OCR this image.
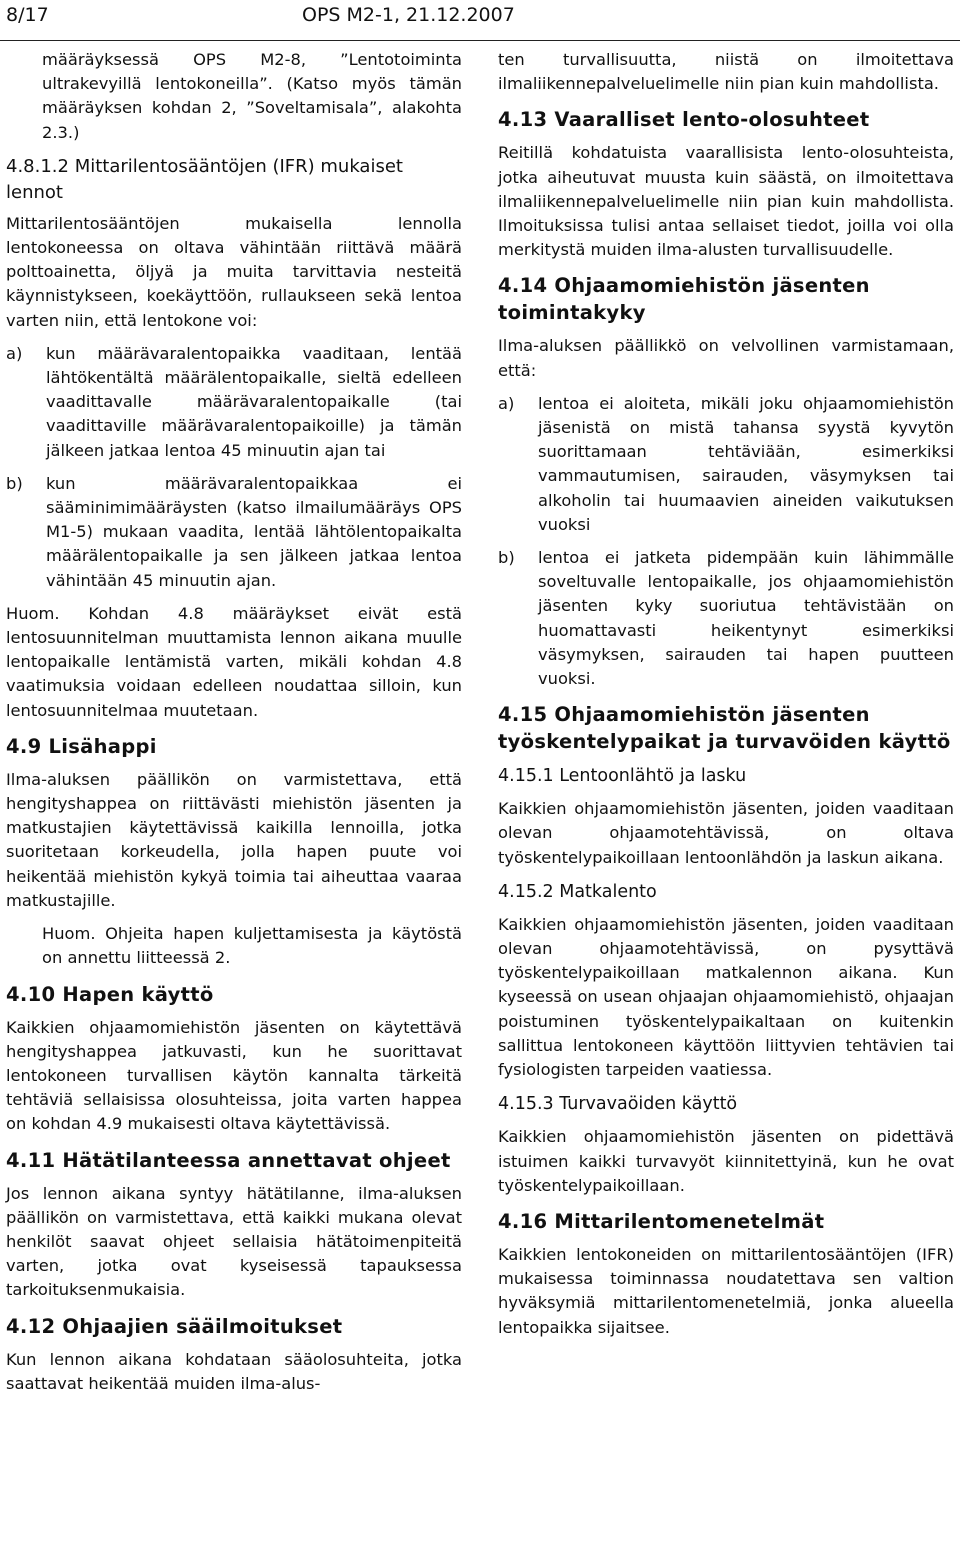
8/17	OPS M2-1, 21.12.2007

määräyksessä OPS M2-8, ”Lentotoiminta ultrakevyillä lentokoneilla”. (Katso myös tämän määräyksen kohdan 2, ”Soveltamisala”, alakohta 2.3.)

4.8.1.2 Mittarilentosääntöjen (IFR) mukaiset lennot

Mittarilentosääntöjen mukaisella lennolla lentokoneessa on oltava vähintään riittävä määrä polttoainetta, öljyä ja muita tarvittavia nesteitä käynnistykseen, koekäyttöön, rullaukseen sekä lentoa varten niin, että lentokone voi:

a)	kun määrävaralentopaikka vaaditaan, lentää lähtökentältä määrälentopaikalle, sieltä edelleen vaadittavalle määrävaralentopaikalle (tai vaadittaville määrävaralentopaikoille) ja tämän jälkeen jatkaa lentoa 45 minuutin ajan tai
b)	kun määrävaralentopaikkaa ei sääminimimääräysten (katso ilmailumääräys OPS M1-5) mukaan vaadita, lentää lähtölentopaikalta määrälentopaikalle ja sen jälkeen jatkaa lentoa vähintään 45 minuutin ajan.

Huom. Kohdan 4.8 määräykset eivät estä lentosuunnitelman muuttamista lennon aikana muulle lentopaikalle lentämistä varten, mikäli kohdan 4.8 vaatimuksia voidaan edelleen noudattaa silloin, kun lentosuunnitelmaa muutetaan.

4.9 Lisähappi

Ilma-aluksen päällikön on varmistettava, että hengityshappea on riittävästi miehistön jäsenten ja matkustajien käytettävissä kaikilla lennoilla, jotka suoritetaan korkeudella, jolla hapen puute voi heikentää miehistön kykyä toimia tai aiheuttaa vaaraa matkustajille.

Huom. Ohjeita hapen kuljettamisesta ja käytöstä on annettu liitteessä 2.

4.10 Hapen käyttö

Kaikkien ohjaamomiehistön jäsenten on käytettävä hengityshappea jatkuvasti, kun he suorittavat lentokoneen turvallisen käytön kannalta tärkeitä tehtäviä sellaisissa olosuhteissa, joita varten happea on kohdan 4.9 mukaisesti oltava käytettävissä.

4.11 Hätätilanteessa annettavat ohjeet

Jos lennon aikana syntyy hätätilanne, ilma-aluksen päällikön on varmistettava, että kaikki mukana olevat henkilöt saavat ohjeet sellaisia hätätoimenpiteitä varten, jotka ovat kyseisessä tapauksessa tarkoituksenmukaisia.

4.12 Ohjaajien sääilmoitukset

Kun lennon aikana kohdataan sääolosuhteita, jotka saattavat heikentää muiden ilma-alus-

ten turvallisuutta, niistä on ilmoitettava ilmaliikennepalveluelimelle niin pian kuin mahdollista.

4.13 Vaaralliset lento-olosuhteet

Reitillä kohdatuista vaarallisista lento-olosuhteista, jotka aiheutuvat muusta kuin säästä, on ilmoitettava ilmaliikennepalveluelimelle niin pian kuin mahdollista. Ilmoituksissa tulisi antaa sellaiset tiedot, joilla voi olla merkitystä muiden ilma-alusten turvallisuudelle.

4.14 Ohjaamomiehistön jäsenten toimintakyky

Ilma-aluksen päällikkö on velvollinen varmistamaan, että:

a)	lentoa ei aloiteta, mikäli joku ohjaamomiehistön jäsenistä on mistä tahansa syystä kyvytön suorittamaan tehtäviään, esimerkiksi vammautumisen, sairauden, väsymyksen tai alkoholin tai huumaavien aineiden vaikutuksen vuoksi
b)	lentoa ei jatketa pidempään kuin lähimmälle soveltuvalle lentopaikalle, jos ohjaamomiehistön jäsenten kyky suoriutua tehtävistään on huomattavasti heikentynyt esimerkiksi väsymyksen, sairauden tai hapen puutteen vuoksi.
4.15 Ohjaamomiehistön jäsenten työskentelypaikat ja turvavöiden käyttö
4.15.1 Lentoonlähtö ja lasku

Kaikkien ohjaamomiehistön jäsenten, joiden vaaditaan olevan ohjaamotehtävissä, on oltava työskentelypaikoillaan lentoonlähdön ja laskun aikana.

4.15.2 Matkalento

Kaikkien ohjaamomiehistön jäsenten, joiden vaaditaan olevan ohjaamotehtävissä, on pysyttävä työskentelypaikoillaan matkalennon aikana. Kun kyseessä on usean ohjaajan ohjaamomiehistö, ohjaajan poistuminen työskentelypaikaltaan on kuitenkin sallittua lentokoneen käyttöön liittyvien tehtävien tai fysiologisten tarpeiden vaatiessa.

4.15.3 Turvavaöiden käyttö

Kaikkien ohjaamomiehistön jäsenten on pidettävä istuimen kaikki turvavyöt kiinnitettyinä, kun he ovat työskentelypaikoillaan.

4.16 Mittarilentomenetelmät

Kaikkien lentokoneiden on mittarilentosääntöjen (IFR) mukaisessa toiminnassa noudatettava sen valtion hyväksymiä mittarilentomenetelmiä, jonka alueella lentopaikka sijaitsee.
